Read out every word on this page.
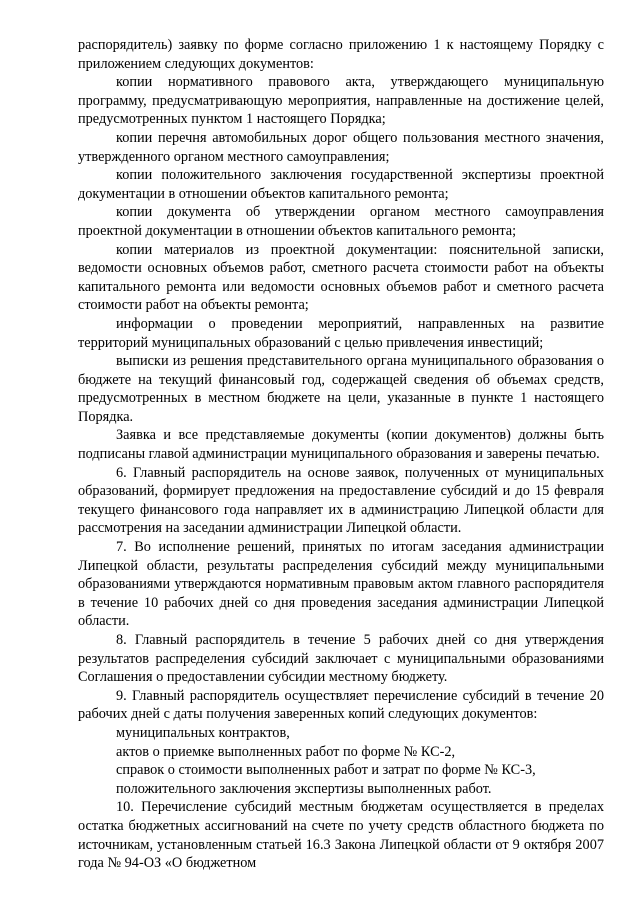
распорядитель) заявку по форме согласно приложению 1 к настоящему Порядку с приложением следующих документов:

копии нормативного правового акта, утверждающего муниципальную программу, предусматривающую мероприятия, направленные на достижение целей, предусмотренных пунктом 1 настоящего Порядка;

копии перечня автомобильных дорог общего пользования местного значения, утвержденного органом местного самоуправления;

копии положительного заключения государственной экспертизы проектной документации в отношении объектов капитального ремонта;

копии документа об утверждении органом местного самоуправления проектной документации в отношении объектов капитального ремонта;

копии материалов из проектной документации: пояснительной записки, ведомости основных объемов работ, сметного расчета стоимости работ на объекты капитального ремонта или ведомости основных объемов работ и сметного расчета стоимости работ на объекты ремонта;

информации о проведении мероприятий, направленных на развитие территорий муниципальных образований с целью привлечения инвестиций;

выписки из решения представительного органа муниципального образования о бюджете на текущий финансовый год, содержащей сведения об объемах средств, предусмотренных в местном бюджете на цели, указанные в пункте 1 настоящего Порядка.

Заявка и все представляемые документы (копии документов) должны быть подписаны главой администрации муниципального образования и заверены печатью.

6. Главный распорядитель на основе заявок, полученных от муниципальных образований, формирует предложения на предоставление субсидий и до 15 февраля текущего финансового года направляет их в администрацию Липецкой области для рассмотрения на заседании администрации Липецкой области.

7. Во исполнение решений, принятых по итогам заседания администрации Липецкой области, результаты распределения субсидий между муниципальными образованиями утверждаются нормативным правовым актом главного распорядителя в течение 10 рабочих дней со дня проведения заседания администрации Липецкой области.

8. Главный распорядитель в течение 5 рабочих дней со дня утверждения результатов распределения субсидий заключает с муниципальными образованиями Соглашения о предоставлении субсидии местному бюджету.

9. Главный распорядитель осуществляет перечисление субсидий в течение 20 рабочих дней с даты получения заверенных копий следующих документов:

муниципальных контрактов,

актов о приемке выполненных работ по форме № КС-2,

справок о стоимости выполненных работ и затрат по форме № КС-3,

положительного заключения экспертизы выполненных работ.

10. Перечисление субсидий местным бюджетам осуществляется в пределах остатка бюджетных ассигнований на счете по учету средств областного бюджета по источникам, установленным статьей 16.3 Закона Липецкой области от 9 октября 2007 года № 94-ОЗ «О бюджетном
